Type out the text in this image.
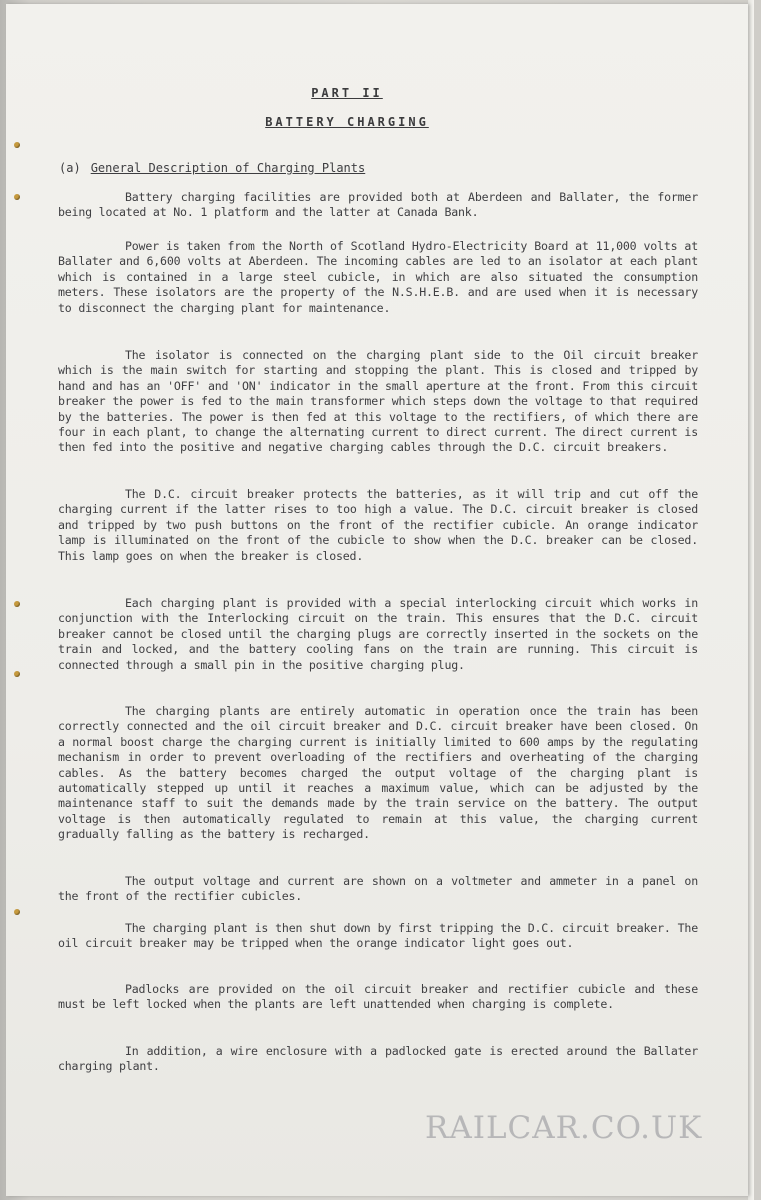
PART II
BATTERY CHARGING
(a) General Description of Charging Plants

Battery charging facilities are provided both at Aberdeen and Ballater, the former being located at No. 1 platform and the latter at Canada Bank.

Power is taken from the North of Scotland Hydro-Electricity Board at 11,000 volts at Ballater and 6,600 volts at Aberdeen. The incoming cables are led to an isolator at each plant which is contained in a large steel cubicle, in which are also situated the consumption meters. These isolators are the property of the N.S.H.E.B. and are used when it is necessary to disconnect the charging plant for maintenance.

The isolator is connected on the charging plant side to the Oil circuit breaker which is the main switch for starting and stopping the plant. This is closed and tripped by hand and has an 'OFF' and 'ON' indicator in the small aperture at the front. From this circuit breaker the power is fed to the main transformer which steps down the voltage to that required by the batteries. The power is then fed at this voltage to the rectifiers, of which there are four in each plant, to change the alternating current to direct current. The direct current is then fed into the positive and negative charging cables through the D.C. circuit breakers.

The D.C. circuit breaker protects the batteries, as it will trip and cut off the charging current if the latter rises to too high a value. The D.C. circuit breaker is closed and tripped by two push buttons on the front of the rectifier cubicle. An orange indicator lamp is illuminated on the front of the cubicle to show when the D.C. breaker can be closed. This lamp goes on when the breaker is closed.

Each charging plant is provided with a special interlocking circuit which works in conjunction with the Interlocking circuit on the train. This ensures that the D.C. circuit breaker cannot be closed until the charging plugs are correctly inserted in the sockets on the train and locked, and the battery cooling fans on the train are running. This circuit is connected through a small pin in the positive charging plug.

The charging plants are entirely automatic in operation once the train has been correctly connected and the oil circuit breaker and D.C. circuit breaker have been closed. On a normal boost charge the charging current is initially limited to 600 amps by the regulating mechanism in order to prevent overloading of the rectifiers and overheating of the charging cables. As the battery becomes charged the output voltage of the charging plant is automatically stepped up until it reaches a maximum value, which can be adjusted by the maintenance staff to suit the demands made by the train service on the battery. The output voltage is then automatically regulated to remain at this value, the charging current gradually falling as the battery is recharged.

The output voltage and current are shown on a voltmeter and ammeter in a panel on the front of the rectifier cubicles.

The charging plant is then shut down by first tripping the D.C. circuit breaker. The oil circuit breaker may be tripped when the orange indicator light goes out.

Padlocks are provided on the oil circuit breaker and rectifier cubicle and these must be left locked when the plants are left unattended when charging is complete.

In addition, a wire enclosure with a padlocked gate is erected around the Ballater charging plant.

RAILCAR.CO.UK
